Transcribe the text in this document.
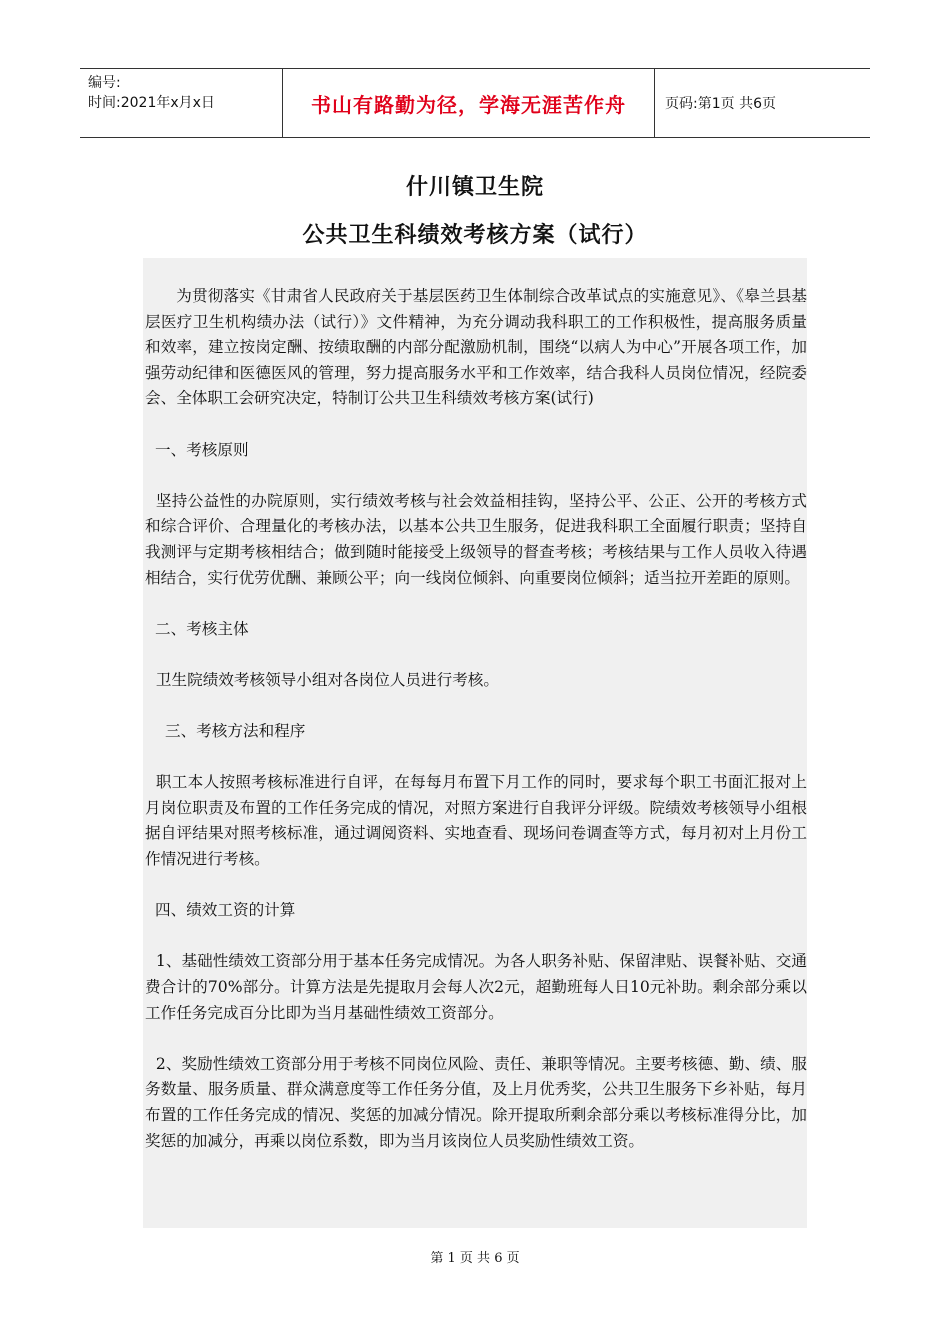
编号:
时间:2021年x月x日	书山有路勤为径，学海无涯苦作舟	页码:第1页 共6页
什川镇卫生院
公共卫生科绩效考核方案（试行）

为贯彻落实《甘肃省人民政府关于基层医药卫生体制综合改革试点的实施意见》、《皋兰县基层医疗卫生机构绩办法（试行）》文件精神，为充分调动我科职工的工作积极性，提高服务质量和效率，建立按岗定酬、按绩取酬的内部分配激励机制，围绕“以病人为中心”开展各项工作，加强劳动纪律和医德医风的管理，努力提高服务水平和工作效率，结合我科人员岗位情况，经院委会、全体职工会研究决定，特制订公共卫生科绩效考核方案(试行)

一、考核原则

坚持公益性的办院原则，实行绩效考核与社会效益相挂钩，坚持公平、公正、公开的考核方式和综合评价、合理量化的考核办法，以基本公共卫生服务，促进我科职工全面履行职责；坚持自我测评与定期考核相结合；做到随时能接受上级领导的督查考核；考核结果与工作人员收入待遇相结合，实行优劳优酬、兼顾公平；向一线岗位倾斜、向重要岗位倾斜；适当拉开差距的原则。

二、考核主体

卫生院绩效考核领导小组对各岗位人员进行考核。

三、考核方法和程序

职工本人按照考核标准进行自评，在每每月布置下月工作的同时，要求每个职工书面汇报对上月岗位职责及布置的工作任务完成的情况，对照方案进行自我评分评级。院绩效考核领导小组根据自评结果对照考核标准，通过调阅资料、实地查看、现场问卷调查等方式，每月初对上月份工作情况进行考核。

四、绩效工资的计算

1、基础性绩效工资部分用于基本任务完成情况。为各人职务补贴、保留津贴、误餐补贴、交通费合计的70%部分。计算方法是先提取月会每人次2元，超勤班每人日10元补助。剩余部分乘以工作任务完成百分比即为当月基础性绩效工资部分。

2、奖励性绩效工资部分用于考核不同岗位风险、责任、兼职等情况。主要考核德、勤、绩、服务数量、服务质量、群众满意度等工作任务分值，及上月优秀奖，公共卫生服务下乡补贴，每月布置的工作任务完成的情况、奖惩的加减分情况。除开提取所剩余部分乘以考核标准得分比，加奖惩的加减分，再乘以岗位系数，即为当月该岗位人员奖励性绩效工资。

第 1 页 共 6 页
